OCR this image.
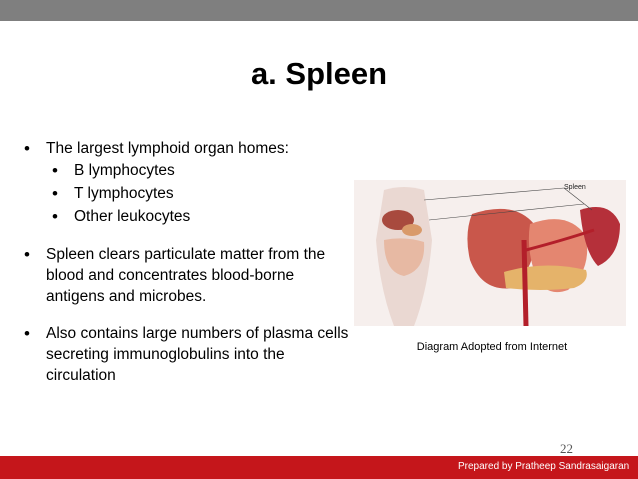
a. Spleen
• The largest lymphoid organ homes:
• B lymphocytes
• T lymphocytes
• Other leukocytes
• Spleen clears particulate matter from the blood and concentrates blood-borne antigens and microbes.
• Also contains large numbers of plasma cells secreting immunoglobulins into the circulation
Spleen
Diagram Adopted from Internet
22
Prepared by Pratheep Sandrasaigaran
